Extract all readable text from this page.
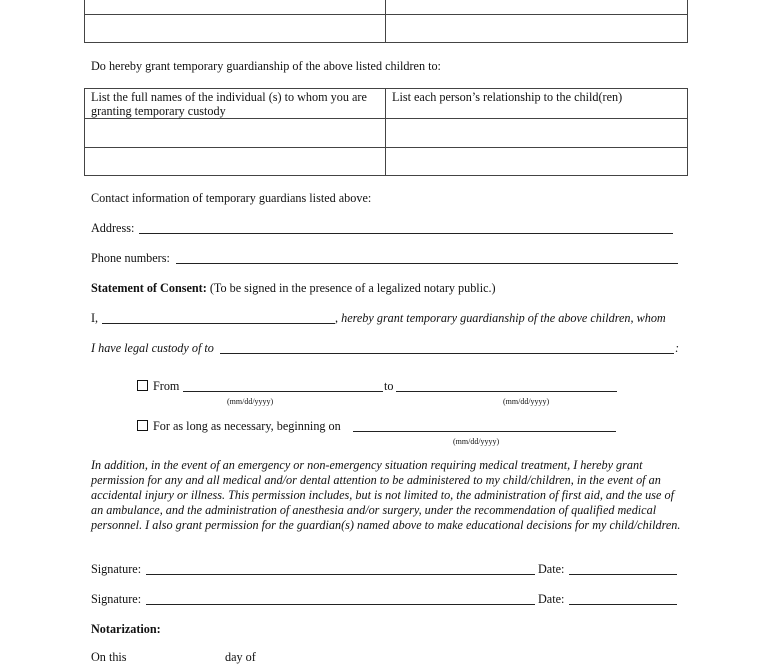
Do hereby grant temporary guardianship of the above listed children to:
List the full names of the individual (s) to whom you are granting temporary custody	List each person’s relationship to the child(ren)

Contact information of temporary guardians listed above:
Address:
Phone numbers:
Statement of Consent: (To be signed in the presence of a legalized notary public.)
I,	, hereby grant temporary guardianship of the above children, whom
I have legal custody of to	:
From	to
(mm/dd/yyyy)	(mm/dd/yyyy)
For as long as necessary, beginning on
(mm/dd/yyyy)
In addition, in the event of an emergency or non-emergency situation requiring medical treatment, I hereby grant permission for any and all medical and/or dental attention to be administered to my child/children, in the event of an accidental injury or illness. This permission includes, but is not limited to, the administration of first aid, and the use of an ambulance, and the administration of anesthesia and/or surgery, under the recommendation of qualified medical personnel. I also grant permission for the guardian(s) named above to make educational decisions for my child/children.
Signature:	Date:
Signature:	Date:
Notarization:
On this	day of
